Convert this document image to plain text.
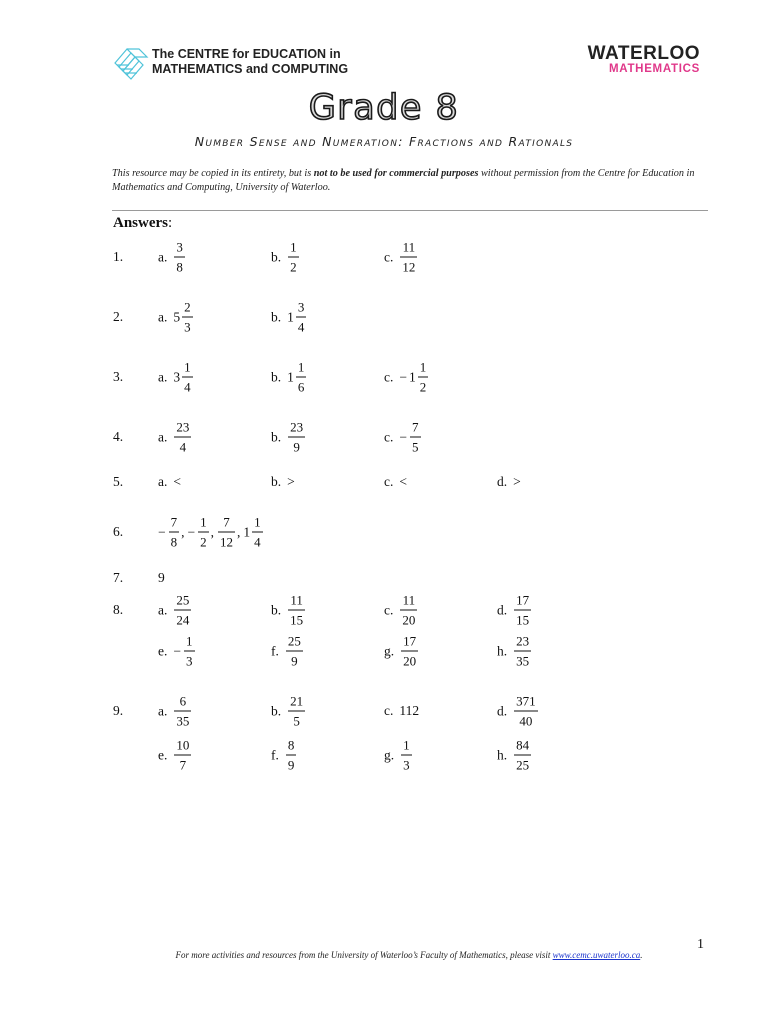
The CENTRE for EDUCATION in
MATHEMATICS and COMPUTING
WATERLOO
MATHEMATICS
Grade 8
Number Sense and Numeration: Fractions and Rationals
This resource may be copied in its entirety, but is not to be used for commercial purposes without permission from the Centre for Education in Mathematics and Computing, University of Waterloo.
Answers:
1.	a. $\frac{3}{8}$	b. $\frac{1}{2}$	c. $\frac{11}{12}$
2.	a. $5 \frac{2}{3}$	b. $1 \frac{3}{4}$
3.	a. $3 \frac{1}{4}$	b. $1 \frac{1}{6}$	c. − $1 \frac{1}{2}$
4.	a. $\frac{23}{4}$	b. $\frac{23}{9}$	c. − $\frac{7}{5}$
5.	a. <	b. >	c. <	d. >
6.	− $\frac{7}{8}$ , − $\frac{1}{2}$ , $\frac{7}{12}$ , $1 \frac{1}{4}$
7.	9
8.	a. $\frac{25}{24}$	b. $\frac{11}{15}$	c. $\frac{11}{20}$	d. $\frac{17}{15}$
e. − $\frac{1}{3}$	f. $\frac{25}{9}$	g. $\frac{17}{20}$	h. $\frac{23}{35}$
9.	a. $\frac{6}{35}$	b. $\frac{21}{5}$	c. 112	d. $\frac{371}{40}$
e. $\frac{10}{7}$	f. $\frac{8}{9}$	g. $\frac{1}{3}$	h. $\frac{84}{25}$
1
For more activities and resources from the University of Waterloo’s Faculty of Mathematics, please visit www.cemc.uwaterloo.ca.
